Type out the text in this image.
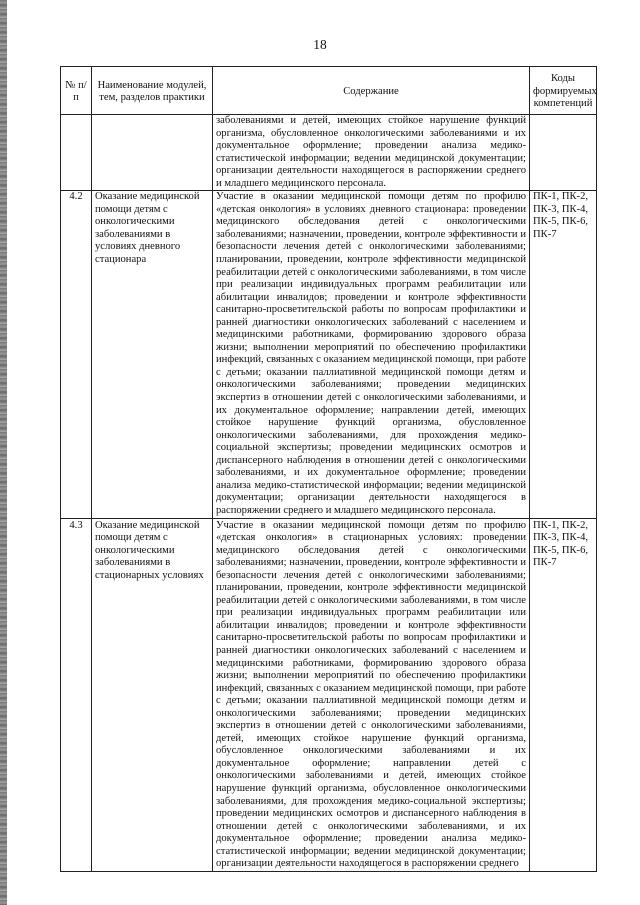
18
№ п/п	Наименование модулей, тем, разделов практики	Содержание	Коды формируемых компетенций
		заболеваниями и детей, имеющих стойкое нарушение функций организма, обусловленное онкологическими заболеваниями и их документальное оформление; проведении анализа медико-статистической информации; ведении медицинской документации; организации деятельности находящегося в распоряжении среднего и младшего медицинского персонала.	
4.2	Оказание медицинской помощи детям с онкологическими заболеваниями в условиях дневного стационара	Участие в оказании медицинской помощи детям по профилю «детская онкология» в условиях дневного стационара: проведении медицинского обследования детей с онкологическими заболеваниями; назначении, проведении, контроле эффективности и безопасности лечения детей с онкологическими заболеваниями; планировании, проведении, контроле эффективности медицинской реабилитации детей с онкологическими заболеваниями, в том числе при реализации индивидуальных программ реабилитации или абилитации инвалидов; проведении и контроле эффективности санитарно-просветительской работы по вопросам профилактики и ранней диагностики онкологических заболеваний с населением и медицинскими работниками, формированию здорового образа жизни; выполнении мероприятий по обеспечению профилактики инфекций, связанных с оказанием медицинской помощи, при работе с детьми; оказании паллиативной медицинской помощи детям и онкологическими заболеваниями; проведении медицинских экспертиз в отношении детей с онкологическими заболеваниями, и их документальное оформление; направлении детей, имеющих стойкое нарушение функций организма, обусловленное онкологическими заболеваниями, для прохождения медико-социальной экспертизы; проведении медицинских осмотров и диспансерного наблюдения в отношении детей с онкологическими заболеваниями, и их документальное оформление; проведении анализа медико-статистической информации; ведении медицинской документации; организации деятельности находящегося в распоряжении среднего и младшего медицинского персонала.	ПК-1, ПК-2, ПК-3, ПК-4, ПК-5, ПК-6, ПК-7
4.3	Оказание медицинской помощи детям с онкологическими заболеваниями в стационарных условиях	Участие в оказании медицинской помощи детям по профилю «детская онкология» в стационарных условиях: проведении медицинского обследования детей с онкологическими заболеваниями; назначении, проведении, контроле эффективности и безопасности лечения детей с онкологическими заболеваниями; планировании, проведении, контроле эффективности медицинской реабилитации детей с онкологическими заболеваниями, в том числе при реализации индивидуальных программ реабилитации или абилитации инвалидов; проведении и контроле эффективности санитарно-просветительской работы по вопросам профилактики и ранней диагностики онкологических заболеваний с населением и медицинскими работниками, формированию здорового образа жизни; выполнении мероприятий по обеспечению профилактики инфекций, связанных с оказанием медицинской помощи, при работе с детьми; оказании паллиативной медицинской помощи детям и онкологическими заболеваниями; проведении медицинских экспертиз в отношении детей с онкологическими заболеваниями, детей, имеющих стойкое нарушение функций организма, обусловленное онкологическими заболеваниями и их документальное оформление; направлении детей с онкологическими заболеваниями и детей, имеющих стойкое нарушение функций организма, обусловленное онкологическими заболеваниями, для прохождения медико-социальной экспертизы; проведении медицинских осмотров и диспансерного наблюдения в отношении детей с онкологическими заболеваниями, и их документальное оформление; проведении анализа медико-статистической информации; ведении медицинской документации; организации деятельности находящегося в распоряжении среднего	ПК-1, ПК-2, ПК-3, ПК-4, ПК-5, ПК-6, ПК-7
